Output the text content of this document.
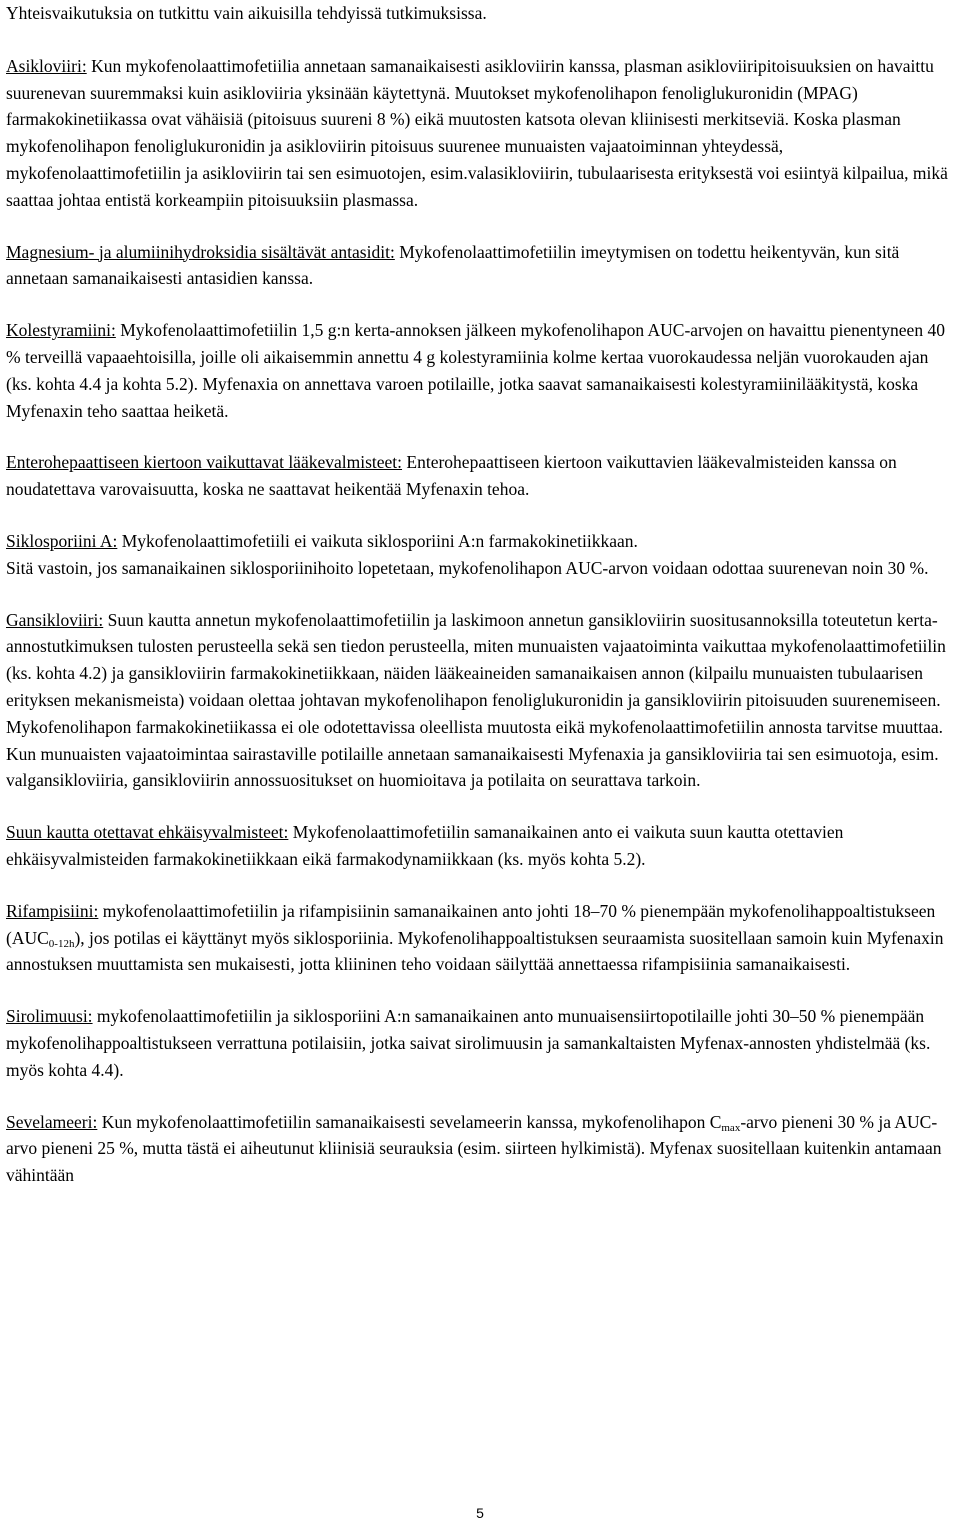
Yhteisvaikutuksia on tutkittu vain aikuisilla tehdyissä tutkimuksissa.

Asikloviiri: Kun mykofenolaattimofetiilia annetaan samanaikaisesti asikloviirin kanssa, plasman asikloviiripitoisuuksien on havaittu suurenevan suuremmaksi kuin asikloviiria yksinään käytettynä. Muutokset mykofenolihapon fenoliglukuronidin (MPAG) farmakokinetiikassa ovat vähäisiä (pitoisuus suureni 8 %) eikä muutosten katsota olevan kliinisesti merkitseviä. Koska plasman mykofenolihapon fenoliglukuronidin ja asikloviirin pitoisuus suurenee munuaisten vajaatoiminnan yhteydessä, mykofenolaattimofetiilin ja asikloviirin tai sen esimuotojen, esim.valasikloviirin, tubulaarisesta erityksestä voi esiintyä kilpailua, mikä saattaa johtaa entistä korkeampiin pitoisuuksiin plasmassa.

Magnesium- ja alumiinihydroksidia sisältävät antasidit: Mykofenolaattimofetiilin imeytymisen on todettu heikentyvän, kun sitä annetaan samanaikaisesti antasidien kanssa.

Kolestyramiini: Mykofenolaattimofetiilin 1,5 g:n kerta-annoksen jälkeen mykofenolihapon AUC-arvojen on havaittu pienentyneen 40 % terveillä vapaaehtoisilla, joille oli aikaisemmin annettu 4 g kolestyramiinia kolme kertaa vuorokaudessa neljän vuorokauden ajan (ks. kohta 4.4 ja kohta 5.2). Myfenaxia on annettava varoen potilaille, jotka saavat samanaikaisesti kolestyramiinilääkitystä, koska Myfenaxin teho saattaa heiketä.

Enterohepaattiseen kiertoon vaikuttavat lääkevalmisteet: Enterohepaattiseen kiertoon vaikuttavien lääkevalmisteiden kanssa on noudatettava varovaisuutta, koska ne saattavat heikentää Myfenaxin tehoa.

Siklosporiini A: Mykofenolaattimofetiili ei vaikuta siklosporiini A:n farmakokinetiikkaan.
Sitä vastoin, jos samanaikainen siklosporiinihoito lopetetaan, mykofenolihapon AUC-arvon voidaan odottaa suurenevan noin 30 %.

Gansikloviiri: Suun kautta annetun mykofenolaattimofetiilin ja laskimoon annetun gansikloviirin suositusannoksilla toteutetun kerta-annostutkimuksen tulosten perusteella sekä sen tiedon perusteella, miten munuaisten vajaatoiminta vaikuttaa mykofenolaattimofetiilin (ks. kohta 4.2) ja gansikloviirin farmakokinetiikkaan, näiden lääkeaineiden samanaikaisen annon (kilpailu munuaisten tubulaarisen erityksen mekanismeista) voidaan olettaa johtavan mykofenolihapon fenoliglukuronidin ja gansikloviirin pitoisuuden suurenemiseen. Mykofenolihapon farmakokinetiikassa ei ole odotettavissa oleellista muutosta eikä mykofenolaattimofetiilin annosta tarvitse muuttaa. Kun munuaisten vajaatoimintaa sairastaville potilaille annetaan samanaikaisesti Myfenaxia ja gansikloviiria tai sen esimuotoja, esim. valgansikloviiria, gansikloviirin annossuositukset on huomioitava ja potilaita on seurattava tarkoin.

Suun kautta otettavat ehkäisyvalmisteet: Mykofenolaattimofetiilin samanaikainen anto ei vaikuta suun kautta otettavien ehkäisyvalmisteiden farmakokinetiikkaan eikä farmakodynamiikkaan (ks. myös kohta 5.2).

Rifampisiini: mykofenolaattimofetiilin ja rifampisiinin samanaikainen anto johti 18–70 % pienempään mykofenolihappoaltistukseen $(AUC_{0-12h})$, jos potilas ei käyttänyt myös siklosporiinia. Mykofenolihappoaltistuksen seuraamista suositellaan samoin kuin Myfenaxin annostuksen muuttamista sen mukaisesti, jotta kliininen teho voidaan säilyttää annettaessa rifampisiinia samanaikaisesti.

Sirolimuusi: mykofenolaattimofetiilin ja siklosporiini A:n samanaikainen anto munuaisensiirtopotilaille johti 30–50 % pienempään mykofenolihappoaltistukseen verrattuna potilaisiin, jotka saivat sirolimuusin ja samankaltaisten Myfenax-annosten yhdistelmää (ks. myös kohta 4.4).

Sevelameeri: Kun mykofenolaattimofetiilin samanaikaisesti sevelameerin kanssa, mykofenolihapon $C_{max}$-arvo pieneni 30 % ja AUC-arvo pieneni 25 %, mutta tästä ei aiheutunut kliinisiä seurauksia (esim. siirteen hylkimistä). Myfenax suositellaan kuitenkin antamaan vähintään

5
